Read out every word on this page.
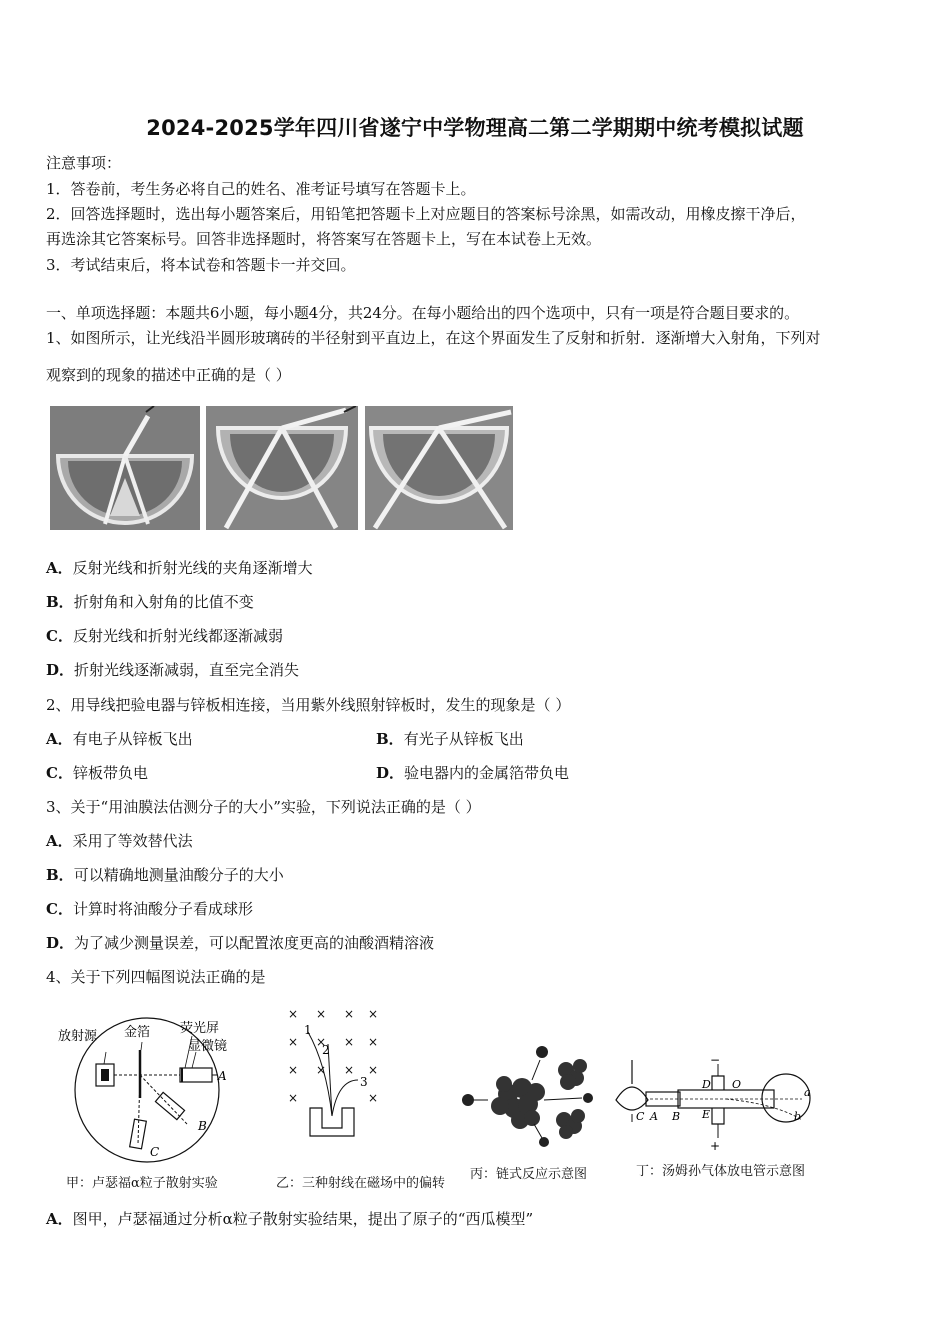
2024-2025学年四川省遂宁中学物理高二第二学期期中统考模拟试题
注意事项：
1．答卷前，考生务必将自己的姓名、准考证号填写在答题卡上。
2．回答选择题时，选出每小题答案后，用铅笔把答题卡上对应题目的答案标号涂黑，如需改动，用橡皮擦干净后，
再选涂其它答案标号。回答非选择题时，将答案写在答题卡上，写在本试卷上无效。
3．考试结束后，将本试卷和答题卡一并交回。
一、单项选择题：本题共6小题，每小题4分，共24分。在每小题给出的四个选项中，只有一项是符合题目要求的。
1、如图所示，让光线沿半圆形玻璃砖的半径射到平直边上，在这个界面发生了反射和折射．逐渐增大入射角，下列对
观察到的现象的描述中正确的是（ ）
A．反射光线和折射光线的夹角逐渐增大
B．折射角和入射角的比值不变
C．反射光线和折射光线都逐渐减弱
D．折射光线逐渐减弱，直至完全消失
2、用导线把验电器与锌板相连接，当用紫外线照射锌板时，发生的现象是（ ）
A．有电子从锌板飞出	B．有光子从锌板飞出
C．锌板带负电	D．验电器内的金属箔带负电
3、关于“用油膜法估测分子的大小”实验，下列说法正确的是（ ）
A．采用了等效替代法
B．可以精确地测量油酸分子的大小
C．计算时将油酸分子看成球形
D．为了减少测量误差，可以配置浓度更高的油酸酒精溶液
4、关于下列四幅图说法正确的是
放射源 金箔 荧光屏
显微镜
A
B
C
甲：卢瑟福α粒子散射实验
× × × ×
× × × ×
× × × ×
×	×
1
2
3
乙：三种射线在磁场中的偏转
丙：链式反应示意图
C A B
D
E
O
a
b
−
+
丁：汤姆孙气体放电管示意图
A．图甲，卢瑟福通过分析α粒子散射实验结果，提出了原子的“西瓜模型”
